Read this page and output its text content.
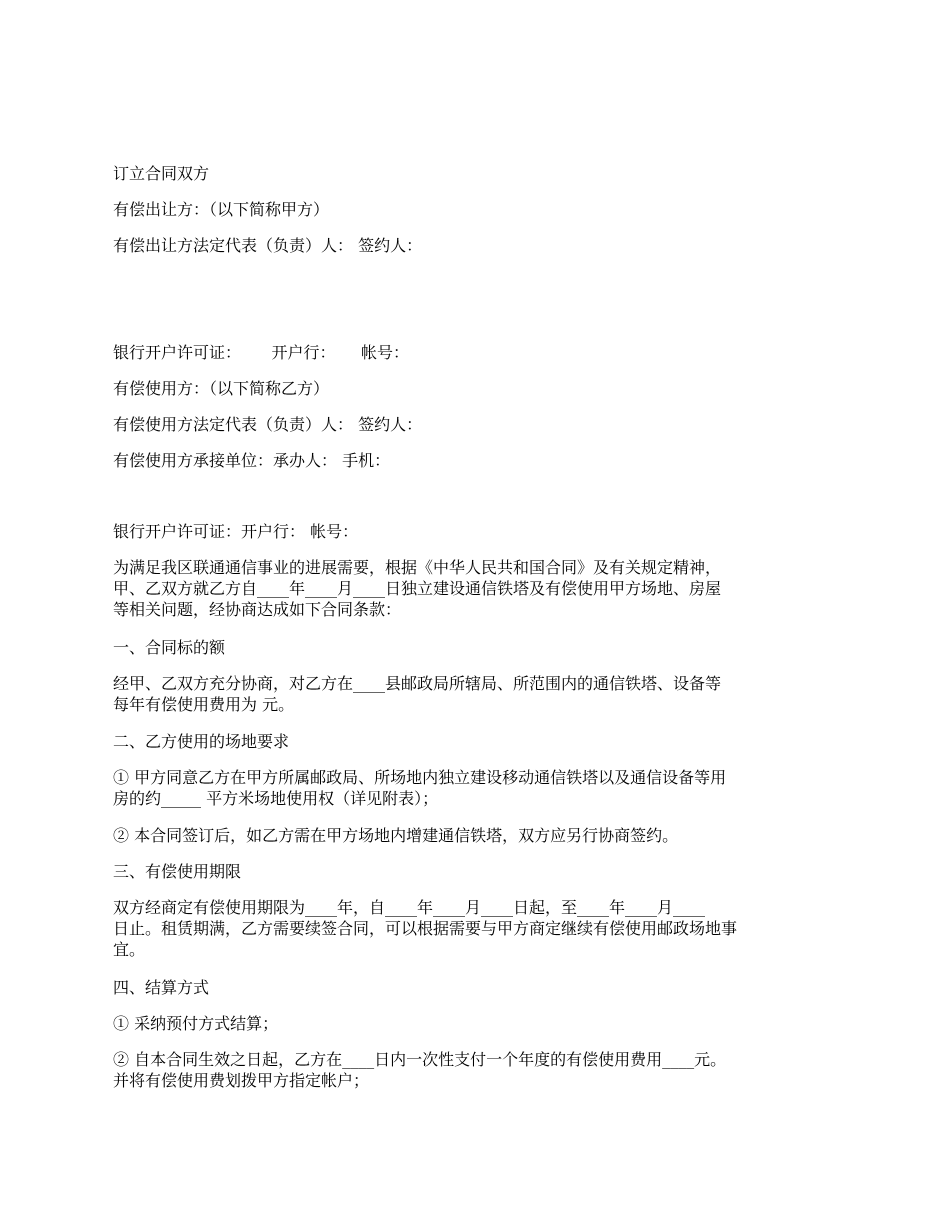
订立合同双方
有偿出让方：（以下简称甲方）
有偿出让方法定代表（负责）人： 签约人：
银行开户许可证：      开户行：     帐号：
有偿使用方：（以下简称乙方）
有偿使用方法定代表（负责）人： 签约人：
有偿使用方承接单位：承办人： 手机：
银行开户许可证：开户行： 帐号：
为满足我区联通通信事业的进展需要，根据《中华人民共和国合同》及有关规定精神，
甲、乙双方就乙方自____年____月____日独立建设通信铁塔及有偿使用甲方场地、房屋
等相关问题，经协商达成如下合同条款：
一、合同标的额
经甲、乙双方充分协商，对乙方在____县邮政局所辖局、所范围内的通信铁塔、设备等
每年有偿使用费用为 元。
二、乙方使用的场地要求
① 甲方同意乙方在甲方所属邮政局、所场地内独立建设移动通信铁塔以及通信设备等用
房的约_____ 平方米场地使用权（详见附表）；
② 本合同签订后，如乙方需在甲方场地内增建通信铁塔，双方应另行协商签约。
三、有偿使用期限
双方经商定有偿使用期限为____年，自____年____月____日起，至____年____月____
日止。租赁期满，乙方需要续签合同，可以根据需要与甲方商定继续有偿使用邮政场地事
宜。
四、结算方式
① 采纳预付方式结算；
② 自本合同生效之日起，乙方在____日内一次性支付一个年度的有偿使用费用____元。
并将有偿使用费划拨甲方指定帐户；
